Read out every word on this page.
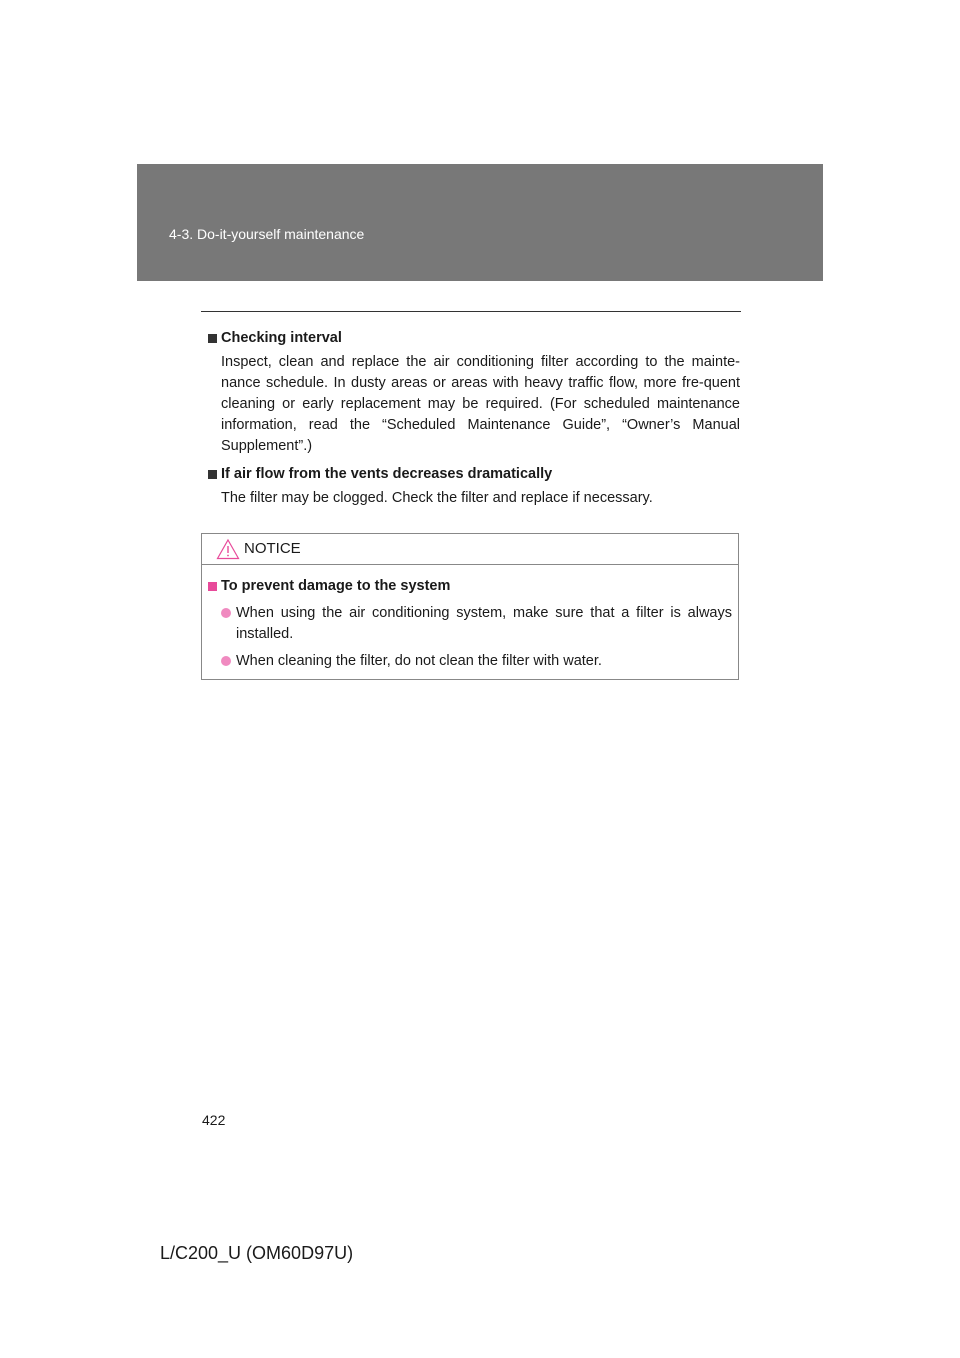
4-3. Do-it-yourself maintenance
Checking interval
Inspect, clean and replace the air conditioning filter according to the mainte-nance schedule. In dusty areas or areas with heavy traffic flow, more fre-quent cleaning or early replacement may be required. (For scheduled maintenance information, read the “Scheduled Maintenance Guide”, “Owner’s Manual Supplement”.)
If air flow from the vents decreases dramatically
The filter may be clogged. Check the filter and replace if necessary.
NOTICE
To prevent damage to the system
When using the air conditioning system, make sure that a filter is always installed.
When cleaning the filter, do not clean the filter with water.
422
L/C200_U (OM60D97U)
